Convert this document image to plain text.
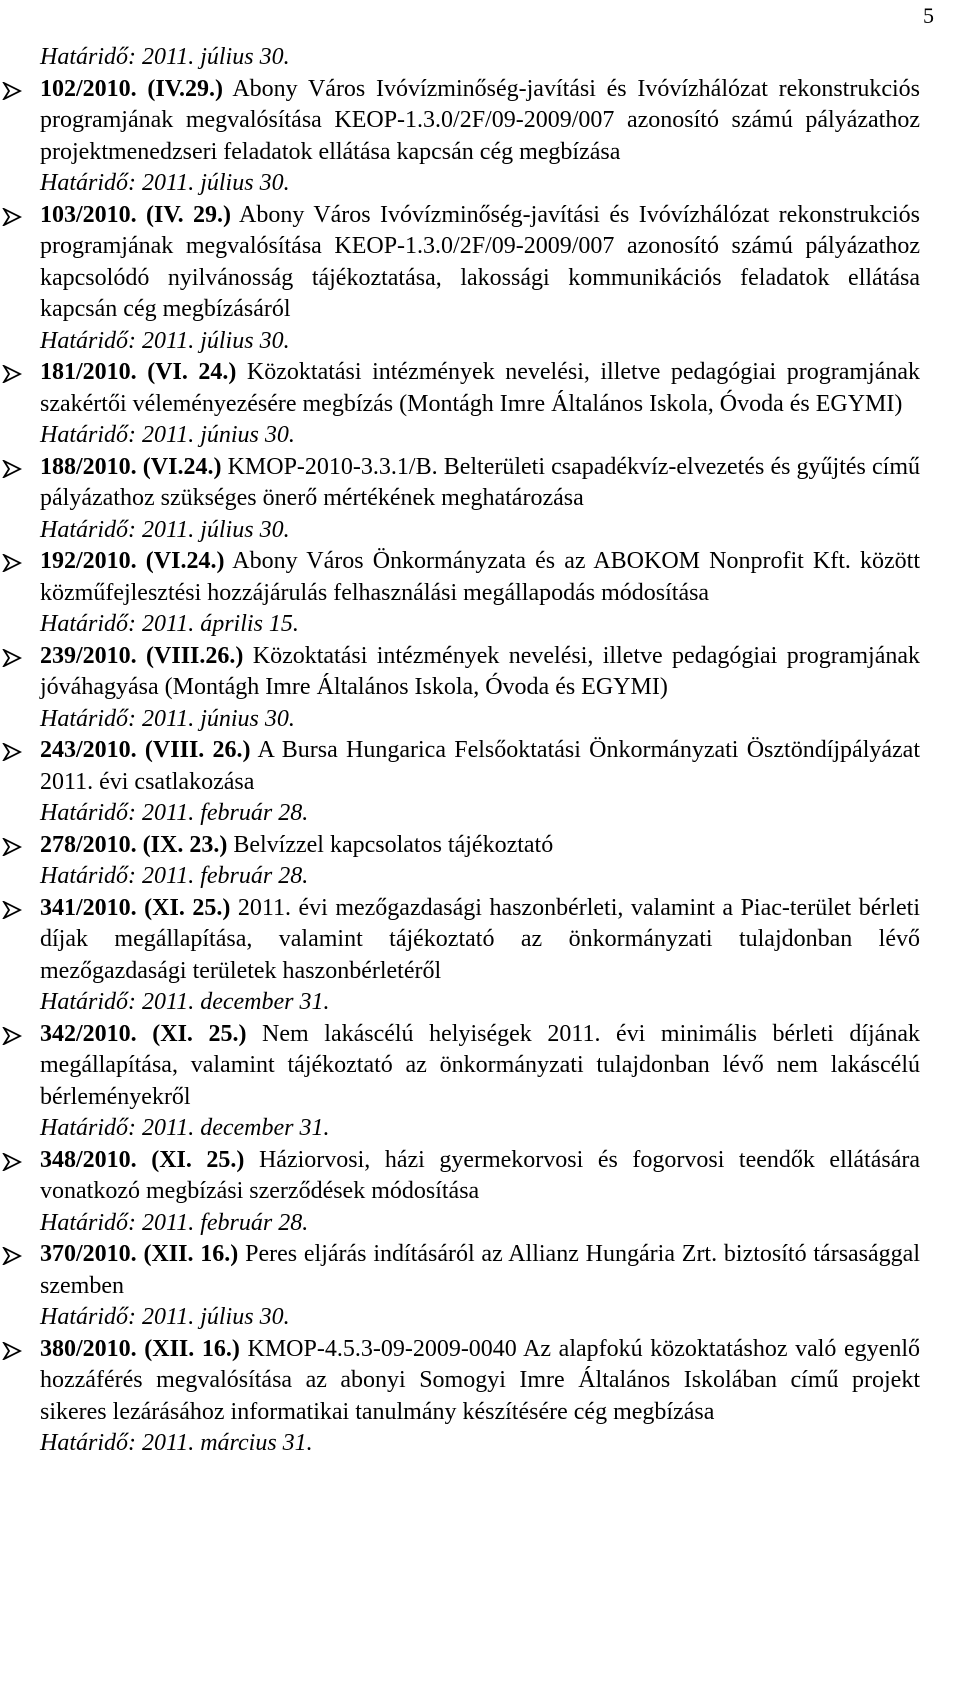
5

Határidő: 2011. július 30.

102/2010. (IV.29.) Abony Város Ivóvízminőség-javítási és Ivóvízhálózat rekonstrukciós programjának megvalósítása KEOP-1.3.0/2F/09-2009/007 azonosító számú pályázathoz projektmenedzseri feladatok ellátása kapcsán cég megbízása

Határidő: 2011. július 30.

103/2010. (IV. 29.) Abony Város Ivóvízminőség-javítási és Ivóvízhálózat rekonstrukciós programjának megvalósítása KEOP-1.3.0/2F/09-2009/007 azonosító számú pályázathoz kapcsolódó nyilvánosság tájékoztatása, lakossági kommunikációs feladatok ellátása kapcsán cég megbízásáról

Határidő: 2011. július 30.

181/2010. (VI. 24.) Közoktatási intézmények nevelési, illetve pedagógiai programjának szakértői véleményezésére megbízás (Montágh Imre Általános Iskola, Óvoda és EGYMI)

Határidő: 2011. június 30.

188/2010. (VI.24.) KMOP-2010-3.3.1/B. Belterületi csapadékvíz-elvezetés és gyűjtés című pályázathoz szükséges önerő mértékének meghatározása

Határidő: 2011. július 30.

192/2010. (VI.24.) Abony Város Önkormányzata és az ABOKOM Nonprofit Kft. között közműfejlesztési hozzájárulás felhasználási megállapodás módosítása

Határidő: 2011. április 15.

239/2010. (VIII.26.) Közoktatási intézmények nevelési, illetve pedagógiai programjának jóváhagyása (Montágh Imre Általános Iskola, Óvoda és EGYMI)

Határidő: 2011. június 30.

243/2010. (VIII. 26.) A Bursa Hungarica Felsőoktatási Önkormányzati Ösztöndíjpályázat 2011. évi csatlakozása

Határidő: 2011. február 28.

278/2010. (IX. 23.) Belvízzel kapcsolatos tájékoztató

Határidő: 2011. február 28.

341/2010. (XI. 25.) 2011. évi mezőgazdasági haszonbérleti, valamint a Piac-terület bérleti díjak megállapítása, valamint tájékoztató az önkormányzati tulajdonban lévő mezőgazdasági területek haszonbérletéről

Határidő: 2011. december 31.

342/2010. (XI. 25.) Nem lakáscélú helyiségek 2011. évi minimális bérleti díjának megállapítása, valamint tájékoztató az önkormányzati tulajdonban lévő nem lakáscélú bérleményekről

Határidő: 2011. december 31.

348/2010. (XI. 25.) Háziorvosi, házi gyermekorvosi és fogorvosi teendők ellátására vonatkozó megbízási szerződések módosítása

Határidő: 2011. február 28.

370/2010. (XII. 16.) Peres eljárás indításáról az Allianz Hungária Zrt. biztosító társasággal szemben

Határidő: 2011. július 30.

380/2010. (XII. 16.) KMOP-4.5.3-09-2009-0040 Az alapfokú közoktatáshoz való egyenlő hozzáférés megvalósítása az abonyi Somogyi Imre Általános Iskolában című projekt sikeres lezárásához informatikai tanulmány készítésére cég megbízása

Határidő: 2011. március 31.
